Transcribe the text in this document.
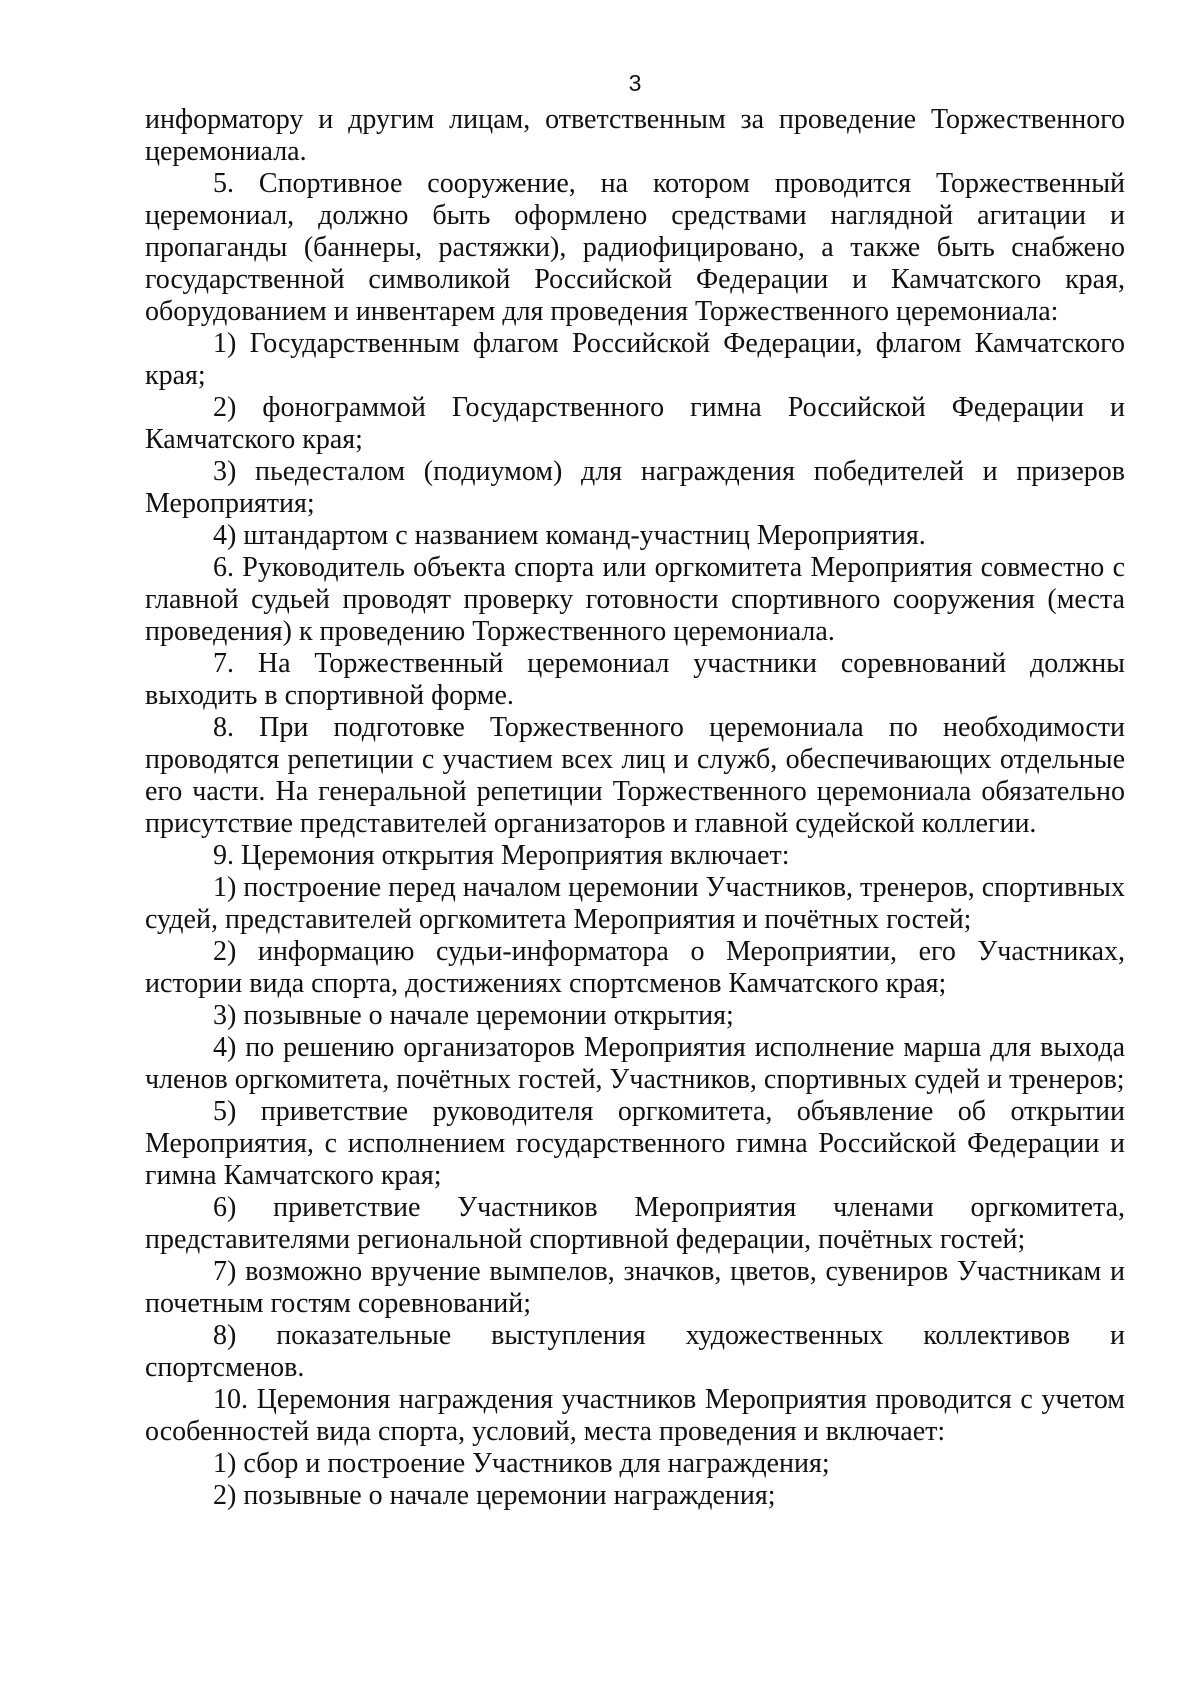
3

информатору и другим лицам, ответственным за проведение Торжественного церемониала.

5. Спортивное сооружение, на котором проводится Торжественный церемониал, должно быть оформлено средствами наглядной агитации и пропаганды (баннеры, растяжки), радиофицировано, а также быть снабжено государственной символикой Российской Федерации и Камчатского края, оборудованием и инвентарем для проведения Торжественного церемониала:

1) Государственным флагом Российской Федерации, флагом Камчатского края;

2) фонограммой Государственного гимна Российской Федерации и Камчатского края;

3) пьедесталом (подиумом) для награждения победителей и призеров Мероприятия;

4) штандартом с названием команд-участниц Мероприятия.

6. Руководитель объекта спорта или оргкомитета Мероприятия совместно с главной судьей проводят проверку готовности спортивного сооружения (места проведения) к проведению Торжественного церемониала.

7. На Торжественный церемониал участники соревнований должны выходить в спортивной форме.

8. При подготовке Торжественного церемониала по необходимости проводятся репетиции с участием всех лиц и служб, обеспечивающих отдельные его части. На генеральной репетиции Торжественного церемониала обязательно присутствие представителей организаторов и главной судейской коллегии.

9. Церемония открытия Мероприятия включает:

1) построение перед началом церемонии Участников, тренеров, спортивных судей, представителей оргкомитета Мероприятия и почётных гостей;

2) информацию судьи-информатора о Мероприятии, его Участниках, истории вида спорта, достижениях спортсменов Камчатского края;

3) позывные о начале церемонии открытия;

4) по решению организаторов Мероприятия исполнение марша для выхода членов оргкомитета, почётных гостей, Участников, спортивных судей и тренеров;

5) приветствие руководителя оргкомитета, объявление об открытии Мероприятия, с исполнением государственного гимна Российской Федерации и гимна Камчатского края;

6) приветствие Участников Мероприятия членами оргкомитета, представителями региональной спортивной федерации, почётных гостей;

7) возможно вручение вымпелов, значков, цветов, сувениров Участникам и почетным гостям соревнований;

8) показательные выступления художественных коллективов и спортсменов.

10. Церемония награждения участников Мероприятия проводится с учетом особенностей вида спорта, условий, места проведения и включает:

1) сбор и построение Участников для награждения;

2) позывные о начале церемонии награждения;
